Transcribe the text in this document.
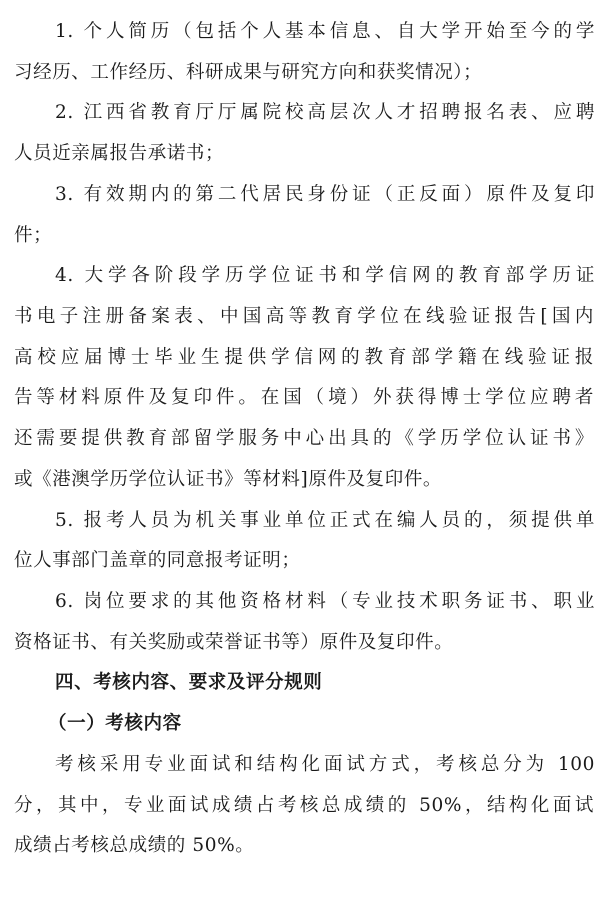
1. 个人简历（包括个人基本信息、自大学开始至今的学
习经历、工作经历、科研成果与研究方向和获奖情况）；
2. 江西省教育厅厅属院校高层次人才招聘报名表、应聘
人员近亲属报告承诺书；
3. 有效期内的第二代居民身份证（正反面）原件及复印
件；
4. 大学各阶段学历学位证书和学信网的教育部学历证
书电子注册备案表、中国高等教育学位在线验证报告[国内
高校应届博士毕业生提供学信网的教育部学籍在线验证报
告等材料原件及复印件。在国（境）外获得博士学位应聘者
还需要提供教育部留学服务中心出具的《学历学位认证书》
或《港澳学历学位认证书》等材料]原件及复印件。
5. 报考人员为机关事业单位正式在编人员的，须提供单
位人事部门盖章的同意报考证明；
6. 岗位要求的其他资格材料（专业技术职务证书、职业
资格证书、有关奖励或荣誉证书等）原件及复印件。
四、考核内容、要求及评分规则
（一）考核内容
考核采用专业面试和结构化面试方式，考核总分为 100
分，其中，专业面试成绩占考核总成绩的 50%，结构化面试
成绩占考核总成绩的 50%。
